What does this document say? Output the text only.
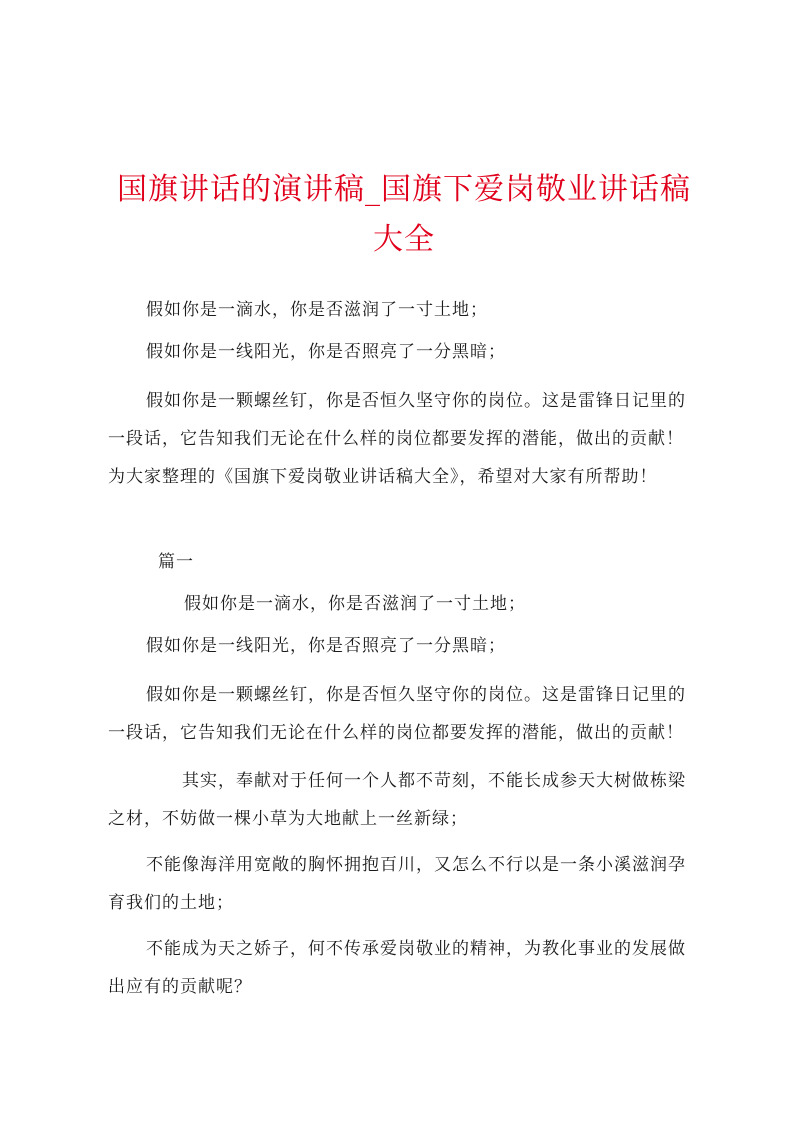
国旗讲话的演讲稿_国旗下爱岗敬业讲话稿大全

假如你是一滴水，你是否滋润了一寸土地；

假如你是一线阳光，你是否照亮了一分黑暗；

假如你是一颗螺丝钉，你是否恒久坚守你的岗位。这是雷锋日记里的一段话，它告知我们无论在什么样的岗位都要发挥的潜能，做出的贡献！为大家整理的《国旗下爱岗敬业讲话稿大全》，希望对大家有所帮助！

篇一

假如你是一滴水，你是否滋润了一寸土地；

假如你是一线阳光，你是否照亮了一分黑暗；

假如你是一颗螺丝钉，你是否恒久坚守你的岗位。这是雷锋日记里的一段话，它告知我们无论在什么样的岗位都要发挥的潜能，做出的贡献！

其实，奉献对于任何一个人都不苛刻，不能长成参天大树做栋梁之材，不妨做一棵小草为大地献上一丝新绿；

不能像海洋用宽敞的胸怀拥抱百川，又怎么不行以是一条小溪滋润孕育我们的土地；

不能成为天之娇子，何不传承爱岗敬业的精神，为教化事业的发展做出应有的贡献呢？
